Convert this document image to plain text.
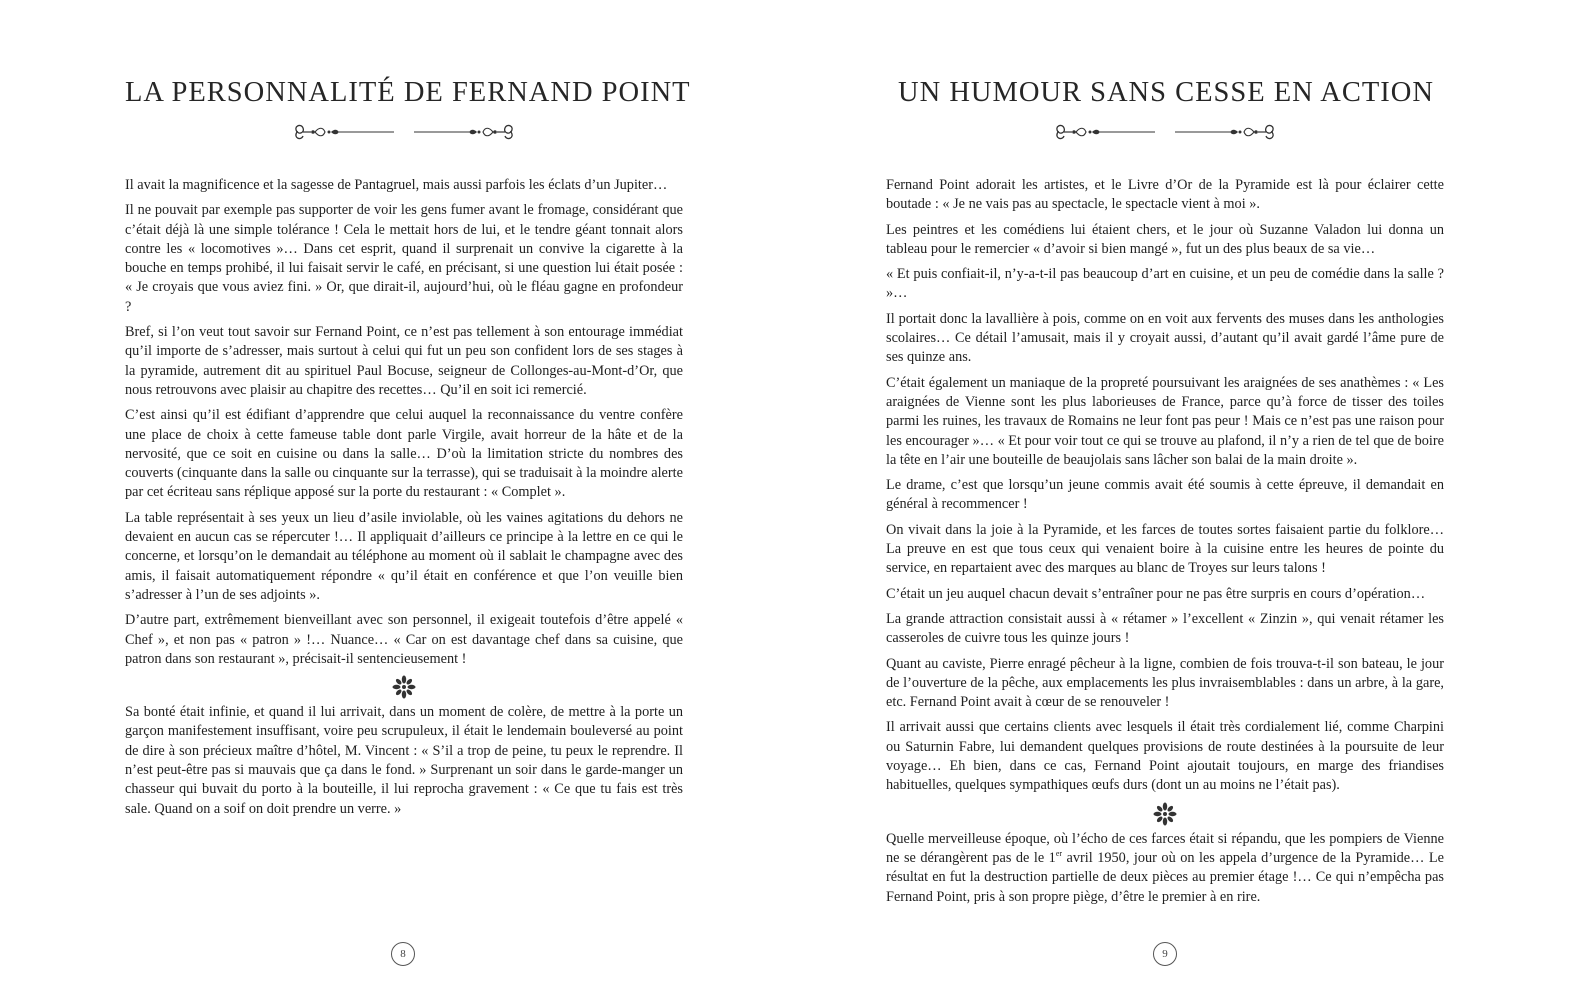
LA PERSONNALITÉ DE FERNAND POINT

Il avait la magnificence et la sagesse de Pantagruel, mais aussi parfois les éclats d’un Jupiter…

Il ne pouvait par exemple pas supporter de voir les gens fumer avant le fromage, considérant que c’était déjà là une simple tolérance ! Cela le mettait hors de lui, et le tendre géant tonnait alors contre les « locomotives »… Dans cet esprit, quand il surprenait un convive la cigarette à la bouche en temps prohibé, il lui faisait servir le café, en précisant, si une question lui était posée : « Je croyais que vous aviez fini. » Or, que dirait-il, aujourd’hui, où le fléau gagne en profondeur ?

Bref, si l’on veut tout savoir sur Fernand Point, ce n’est pas tellement à son entourage immédiat qu’il importe de s’adresser, mais surtout à celui qui fut un peu son confident lors de ses stages à la pyramide, autrement dit au spirituel Paul Bocuse, seigneur de Collonges-au-Mont-d’Or, que nous retrouvons avec plaisir au chapitre des recettes… Qu’il en soit ici remercié.

C’est ainsi qu’il est édifiant d’apprendre que celui auquel la reconnaissance du ventre confère une place de choix à cette fameuse table dont parle Virgile, avait horreur de la hâte et de la nervosité, que ce soit en cuisine ou dans la salle… D’où la limitation stricte du nombres des couverts (cinquante dans la salle ou cinquante sur la terrasse), qui se traduisait à la moindre alerte par cet écriteau sans réplique apposé sur la porte du restaurant : « Complet ».

La table représentait à ses yeux un lieu d’asile inviolable, où les vaines agitations du dehors ne devaient en aucun cas se répercuter !… Il appliquait d’ailleurs ce principe à la lettre en ce qui le concerne, et lorsqu’on le demandait au téléphone au moment où il sablait le champagne avec des amis, il faisait automatiquement répondre « qu’il était en conférence et que l’on veuille bien s’adresser à l’un de ses adjoints ».

D’autre part, extrêmement bienveillant avec son personnel, il exigeait toutefois d’être appelé « Chef », et non pas « patron » !… Nuance… « Car on est davantage chef dans sa cuisine, que patron dans son restaurant », précisait-il sentencieusement !

Sa bonté était infinie, et quand il lui arrivait, dans un moment de colère, de mettre à la porte un garçon manifestement insuffisant, voire peu scrupuleux, il était le lendemain bouleversé au point de dire à son précieux maître d’hôtel, M. Vincent : « S’il a trop de peine, tu peux le reprendre. Il n’est peut-être pas si mauvais que ça dans le fond. » Surprenant un soir dans le garde-manger un chasseur qui buvait du porto à la bouteille, il lui reprocha gravement : « Ce que tu fais est très sale. Quand on a soif on doit prendre un verre. »

8
UN HUMOUR SANS CESSE EN ACTION

Fernand Point adorait les artistes, et le Livre d’Or de la Pyramide est là pour éclairer cette boutade : « Je ne vais pas au spectacle, le spectacle vient à moi ».

Les peintres et les comédiens lui étaient chers, et le jour où Suzanne Valadon lui donna un tableau pour le remercier « d’avoir si bien mangé », fut un des plus beaux de sa vie…

« Et puis confiait-il, n’y-a-t-il pas beaucoup d’art en cuisine, et un peu de comédie dans la salle ? »…

Il portait donc la lavallière à pois, comme on en voit aux fervents des muses dans les anthologies scolaires… Ce détail l’amusait, mais il y croyait aussi, d’autant qu’il avait gardé l’âme pure de ses quinze ans.

C’était également un maniaque de la propreté poursuivant les araignées de ses anathèmes : « Les araignées de Vienne sont les plus laborieuses de France, parce qu’à force de tisser des toiles parmi les ruines, les travaux de Romains ne leur font pas peur ! Mais ce n’est pas une raison pour les encourager »… « Et pour voir tout ce qui se trouve au plafond, il n’y a rien de tel que de boire la tête en l’air une bouteille de beaujolais sans lâcher son balai de la main droite ».

Le drame, c’est que lorsqu’un jeune commis avait été soumis à cette épreuve, il demandait en général à recommencer !

On vivait dans la joie à la Pyramide, et les farces de toutes sortes faisaient partie du folklore… La preuve en est que tous ceux qui venaient boire à la cuisine entre les heures de pointe du service, en repartaient avec des marques au blanc de Troyes sur leurs talons !

C’était un jeu auquel chacun devait s’entraîner pour ne pas être surpris en cours d’opération…

La grande attraction consistait aussi à « rétamer » l’excellent « Zinzin », qui venait rétamer les casseroles de cuivre tous les quinze jours !

Quant au caviste, Pierre enragé pêcheur à la ligne, combien de fois trouva-t-il son bateau, le jour de l’ouverture de la pêche, aux emplacements les plus invraisemblables : dans un arbre, à la gare, etc. Fernand Point avait à cœur de se renouveler !

Il arrivait aussi que certains clients avec lesquels il était très cordialement lié, comme Charpini ou Saturnin Fabre, lui demandent quelques provisions de route destinées à la poursuite de leur voyage… Eh bien, dans ce cas, Fernand Point ajoutait toujours, en marge des friandises habituelles, quelques sympathiques œufs durs (dont un au moins ne l’était pas).

Quelle merveilleuse époque, où l’écho de ces farces était si répandu, que les pompiers de Vienne ne se dérangèrent pas de le 1er avril 1950, jour où on les appela d’urgence de la Pyramide… Le résultat en fut la destruction partielle de deux pièces au premier étage !… Ce qui n’empêcha pas Fernand Point, pris à son propre piège, d’être le premier à en rire.

9
